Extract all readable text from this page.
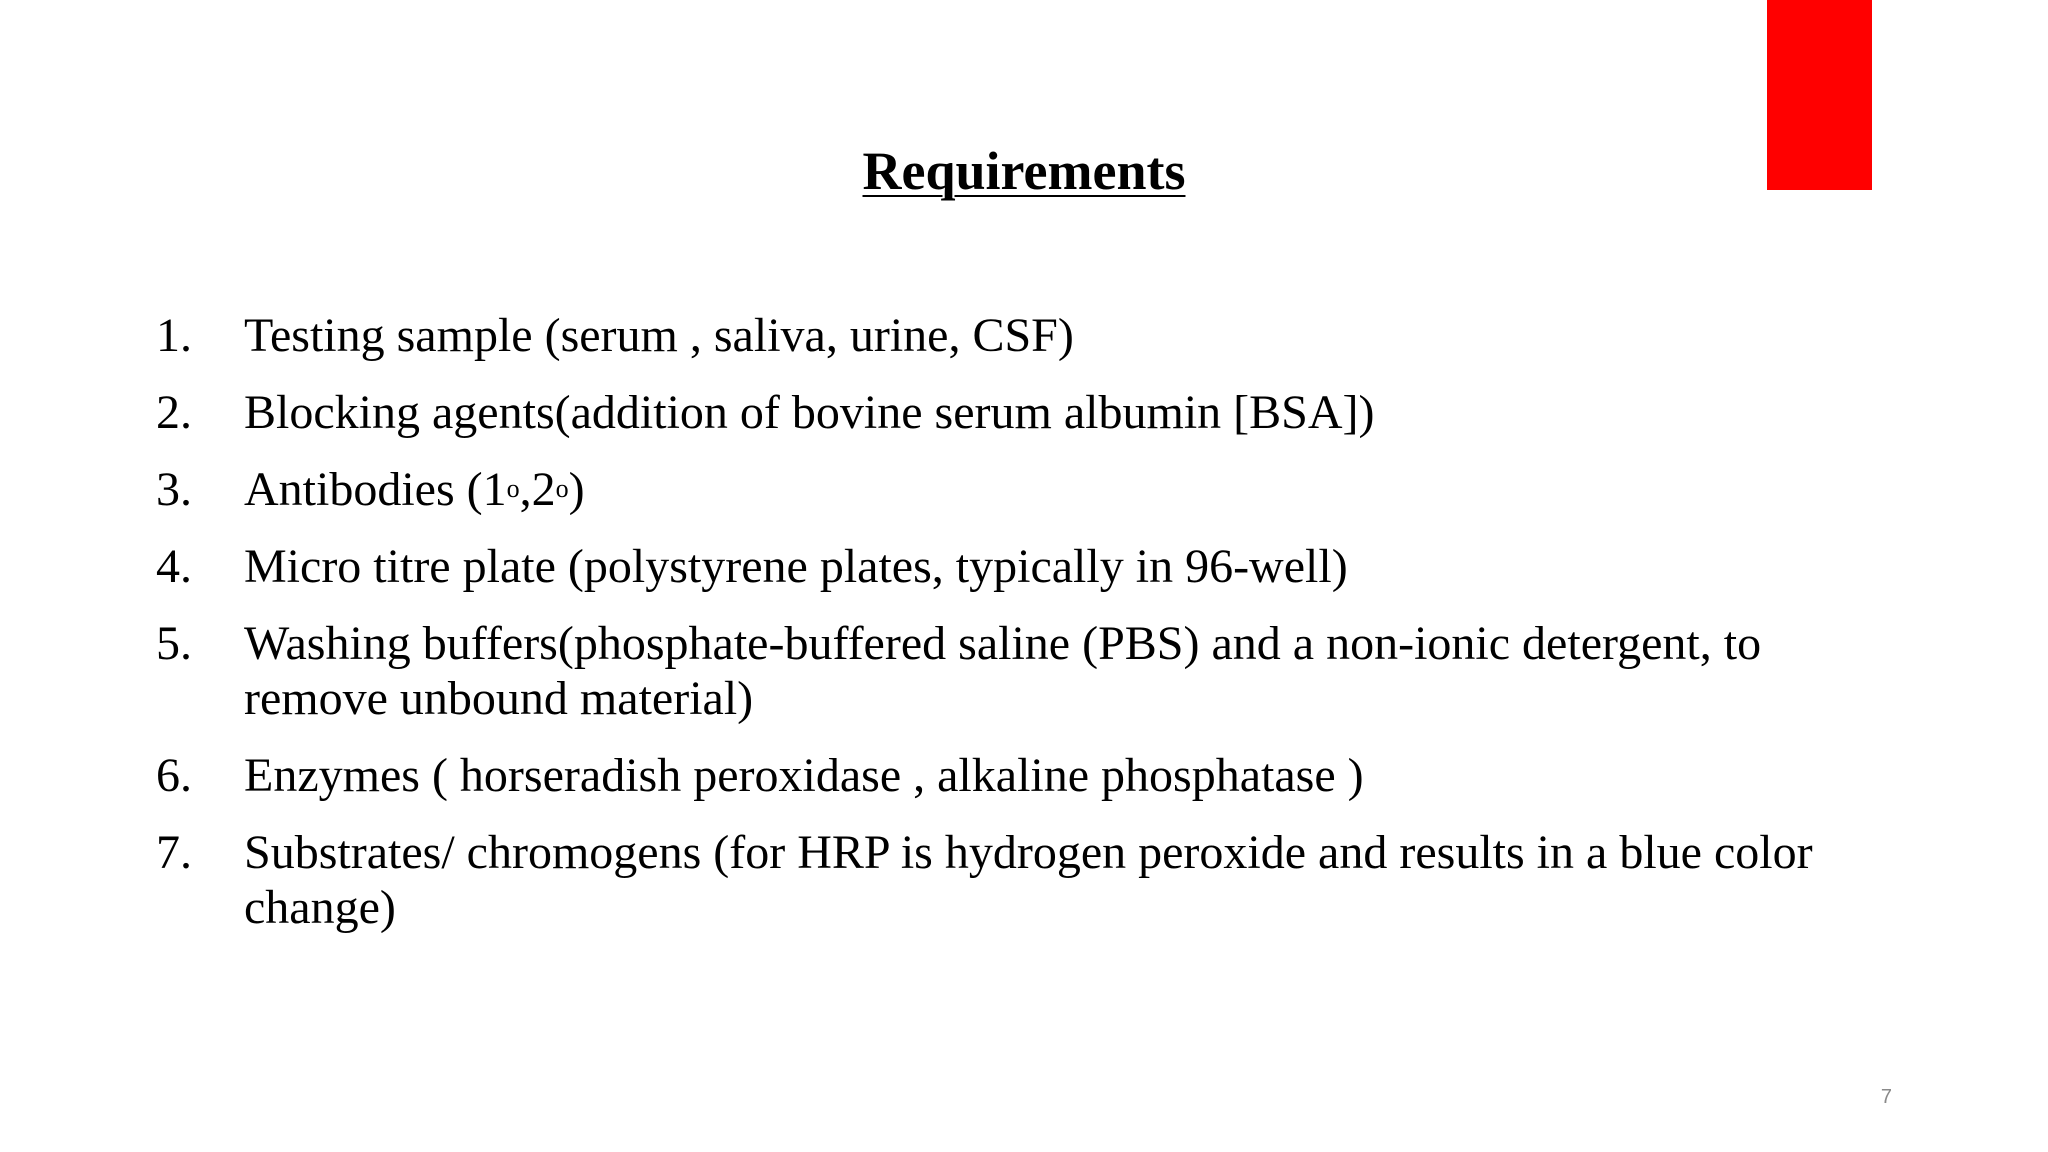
Requirements
1. Testing sample (serum , saliva, urine, CSF)
2. Blocking agents(addition of bovine serum albumin [BSA])
3. Antibodies (1$^o$,2$^o$)
4. Micro titre plate (polystyrene plates, typically in 96-well)
5. Washing buffers(phosphate-buffered saline (PBS) and a non-ionic detergent, to remove unbound material)
6. Enzymes ( horseradish peroxidase , alkaline phosphatase )
7. Substrates/ chromogens (for HRP is hydrogen peroxide and results in a blue color change)
7
